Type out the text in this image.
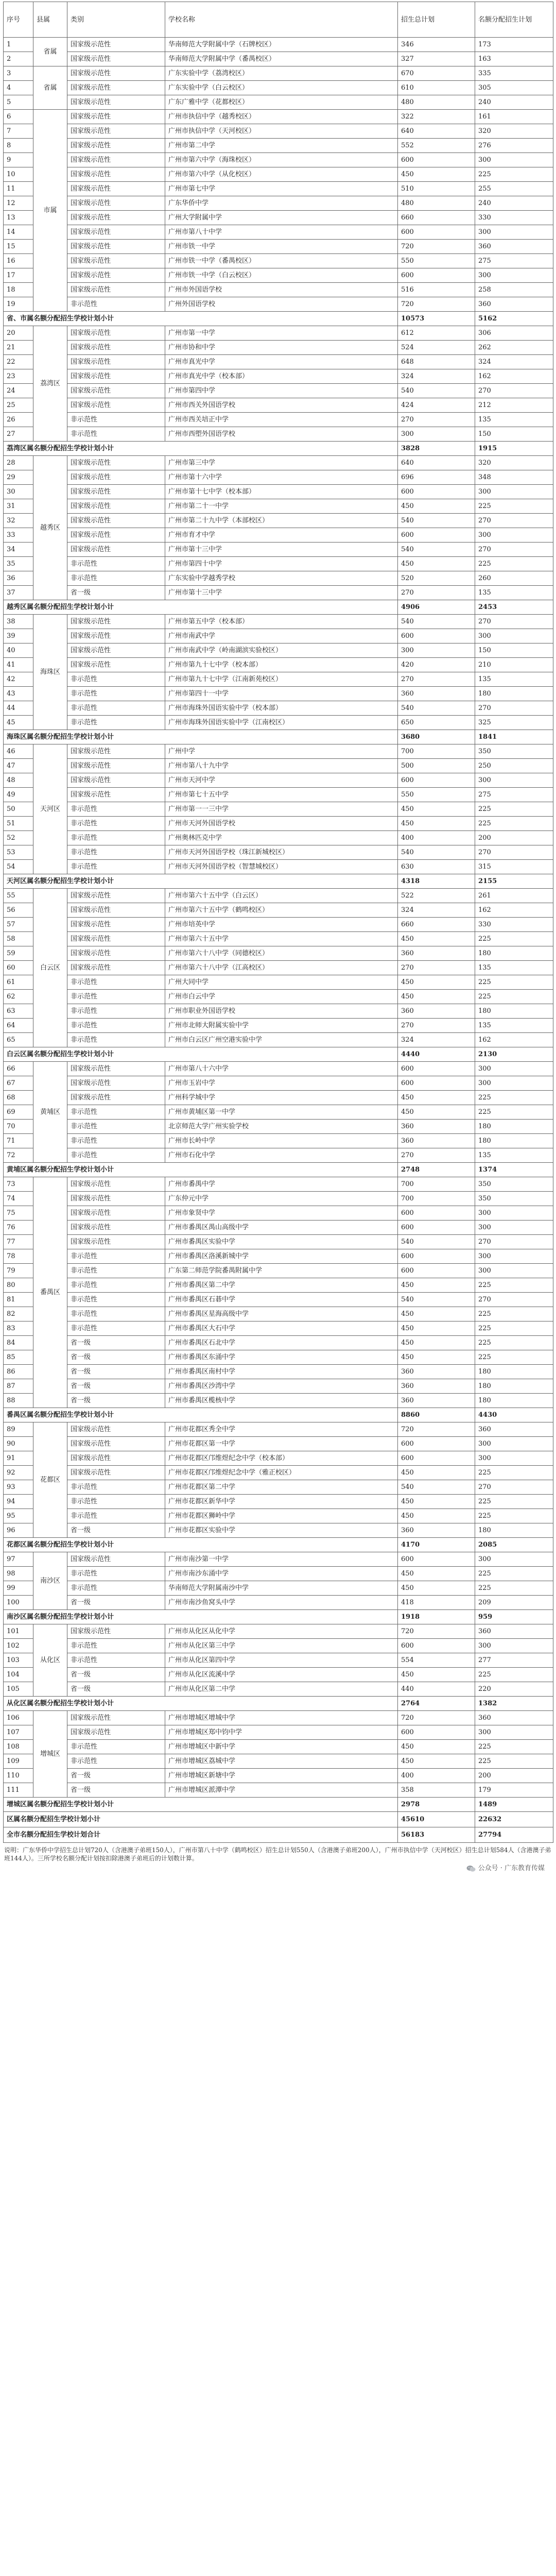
序号	县属	类别	学校名称	招生总计划	名额分配招生计划
1	省属	国家级示范性	华南师范大学附属中学（石牌校区）	346	173
2		国家级示范性	华南师范大学附属中学（番禺校区）	327	163
3	省属	国家级示范性	广东实验中学（荔湾校区）	670	335
4		国家级示范性	广东实验中学（白云校区）	610	305
5		国家级示范性	广东广雅中学（花都校区）	480	240
6	市属	国家级示范性	广州市执信中学（越秀校区）	322	161
7		国家级示范性	广州市执信中学（天河校区）	640	320
8		国家级示范性	广州市第二中学	552	276
9		国家级示范性	广州市第六中学（海珠校区）	600	300
10		国家级示范性	广州市第六中学（从化校区）	450	225
11		国家级示范性	广州市第七中学	510	255
12		国家级示范性	广东华侨中学	480	240
13		国家级示范性	广州大学附属中学	660	330
14		国家级示范性	广州市第八十中学	600	300
15		国家级示范性	广州市铁一中学	720	360
16		国家级示范性	广州市铁一中学（番禺校区）	550	275
17		国家级示范性	广州市铁一中学（白云校区）	600	300
18		国家级示范性	广州市外国语学校	516	258
19		非示范性	广州外国语学校	720	360
省、市属名额分配招生学校计划小计				10573	5162
20	荔湾区	国家级示范性	广州市第一中学	612	306
21		国家级示范性	广州市协和中学	524	262
22		国家级示范性	广州市真光中学	648	324
23		国家级示范性	广州市真光中学（校本部）	324	162
24		国家级示范性	广州市第四中学	540	270
25		国家级示范性	广州市西关外国语学校	424	212
26		非示范性	广州市西关培正中学	270	135
27		非示范性	广州市西塱外国语学校	300	150
荔湾区属名额分配招生学校计划小计				3828	1915
28	越秀区	国家级示范性	广州市第三中学	640	320
29		国家级示范性	广州市第十六中学	696	348
30		国家级示范性	广州市第十七中学（校本部）	600	300
31		国家级示范性	广州市第二十一中学	450	225
32		国家级示范性	广州市第二十九中学（本部校区）	540	270
33		国家级示范性	广州市育才中学	600	300
34		国家级示范性	广州市第十三中学	540	270
35		非示范性	广州市第四十中学	450	225
36		非示范性	广东实验中学越秀学校	520	260
37		省一级	广州市第十三中学	270	135
越秀区属名额分配招生学校计划小计				4906	2453
38	海珠区	国家级示范性	广州市第五中学（校本部）	540	270
39		国家级示范性	广州市南武中学	600	300
40		国家级示范性	广州市南武中学（岭南湖滨实验校区）	300	150
41		国家级示范性	广州市第九十七中学（校本部）	420	210
42		非示范性	广州市第九十七中学（江南新苑校区）	270	135
43		非示范性	广州市第四十一中学	360	180
44		非示范性	广州市海珠外国语实验中学（校本部）	540	270
45		非示范性	广州市海珠外国语实验中学（江南校区）	650	325
海珠区属名额分配招生学校计划小计				3680	1841
46	天河区	国家级示范性	广州中学	700	350
47		国家级示范性	广州市第八十九中学	500	250
48		国家级示范性	广州市天河中学	600	300
49		国家级示范性	广州市第七十五中学	550	275
50		非示范性	广州市第一一三中学	450	225
51		非示范性	广州市天河外国语学校	450	225
52		非示范性	广州奥林匹克中学	400	200
53		非示范性	广州市天河外国语学校（珠江新城校区）	540	270
54		非示范性	广州市天河外国语学校（智慧城校区）	630	315
天河区属名额分配招生学校计划小计				4318	2155
55	白云区	国家级示范性	广州市第六十五中学（白云区）	522	261
56		国家级示范性	广州市第六十五中学（鹤鸣校区）	324	162
57		国家级示范性	广州市培英中学	660	330
58		国家级示范性	广州市第六十五中学	450	225
59		国家级示范性	广州市第六十八中学（同德校区）	360	180
60		国家级示范性	广州市第六十八中学（江高校区）	270	135
61		非示范性	广州大同中学	450	225
62		非示范性	广州市白云中学	450	225
63		非示范性	广州市职业外国语学校	360	180
64		非示范性	广州市北师大附属实验中学	270	135
65		非示范性	广州市白云区广州空港实验中学	324	162
白云区属名额分配招生学校计划小计				4440	2130
66	黄埔区	国家级示范性	广州市第八十六中学	600	300
67		国家级示范性	广州市玉岩中学	600	300
68		国家级示范性	广州科学城中学	450	225
69		非示范性	广州市黄埔区第一中学	450	225
70		非示范性	北京师范大学广州实验学校	360	180
71		非示范性	广州市长岭中学	360	180
72		非示范性	广州市石化中学	270	135
黄埔区属名额分配招生学校计划小计				2748	1374
73	番禺区	国家级示范性	广州市番禺中学	700	350
74		国家级示范性	广东仲元中学	700	350
75		国家级示范性	广州市象贤中学	600	300
76		国家级示范性	广州市番禺区禺山高级中学	600	300
77		国家级示范性	广州市番禺区实验中学	540	270
78		非示范性	广州市番禺区洛溪新城中学	600	300
79		非示范性	广东第二师范学院番禺附属中学	600	300
80		非示范性	广州市番禺区第二中学	450	225
81		非示范性	广州市番禺区石碁中学	540	270
82		非示范性	广州市番禺区星海高级中学	450	225
83		非示范性	广州市番禺区大石中学	450	225
84		省一级	广州市番禺区石北中学	450	225
85		省一级	广州市番禺区东涌中学	450	225
86		省一级	广州市番禺区南村中学	360	180
87		省一级	广州市番禺区沙湾中学	360	180
88		省一级	广州市番禺区榄核中学	360	180
番禺区属名额分配招生学校计划小计				8860	4430
89	花都区	国家级示范性	广州市花都区秀全中学	720	360
90		国家级示范性	广州市花都区第一中学	600	300
91		国家级示范性	广州市花都区邝维煜纪念中学（校本部）	600	300
92		国家级示范性	广州市花都区邝维煜纪念中学（雅正校区）	450	225
93		非示范性	广州市花都区第二中学	540	270
94		非示范性	广州市花都区新华中学	450	225
95		非示范性	广州市花都区狮岭中学	450	225
96		省一级	广州市花都区实验中学	360	180
花都区属名额分配招生学校计划小计				4170	2085
97	南沙区	国家级示范性	广州市南沙第一中学	600	300
98		非示范性	广州市南沙东涌中学	450	225
99		非示范性	华南师范大学附属南沙中学	450	225
100		省一级	广州市南沙鱼窝头中学	418	209
南沙区属名额分配招生学校计划小计				1918	959
101	从化区	国家级示范性	广州市从化区从化中学	720	360
102		非示范性	广州市从化区第三中学	600	300
103		非示范性	广州市从化区第四中学	554	277
104		省一级	广州市从化区流溪中学	450	225
105		省一级	广州市从化区第二中学	440	220
从化区属名额分配招生学校计划小计				2764	1382
106	增城区	国家级示范性	广州市增城区增城中学	720	360
107		国家级示范性	广州市增城区郑中钧中学	600	300
108		非示范性	广州市增城区中新中学	450	225
109		非示范性	广州市增城区荔城中学	450	225
110		省一级	广州市增城区新塘中学	400	200
111		省一级	广州市增城区派潭中学	358	179
增城区属名额分配招生学校计划小计				2978	1489
区属名额分配招生学校计划小计				45610	22632
全市名额分配招生学校计划合计				56183	27794
说明：广东华侨中学招生总计划720人（含港澳子弟班150人），广州市第八十中学（鹤鸣校区）招生总计划550人（含港澳子弟班200人），广州市执信中学（天河校区）招生总计划584人（含港澳子弟班144人）。三所学校名额分配计划按扣除港澳子弟班后的计划数计算。
公众号 · 广东教育传媒
